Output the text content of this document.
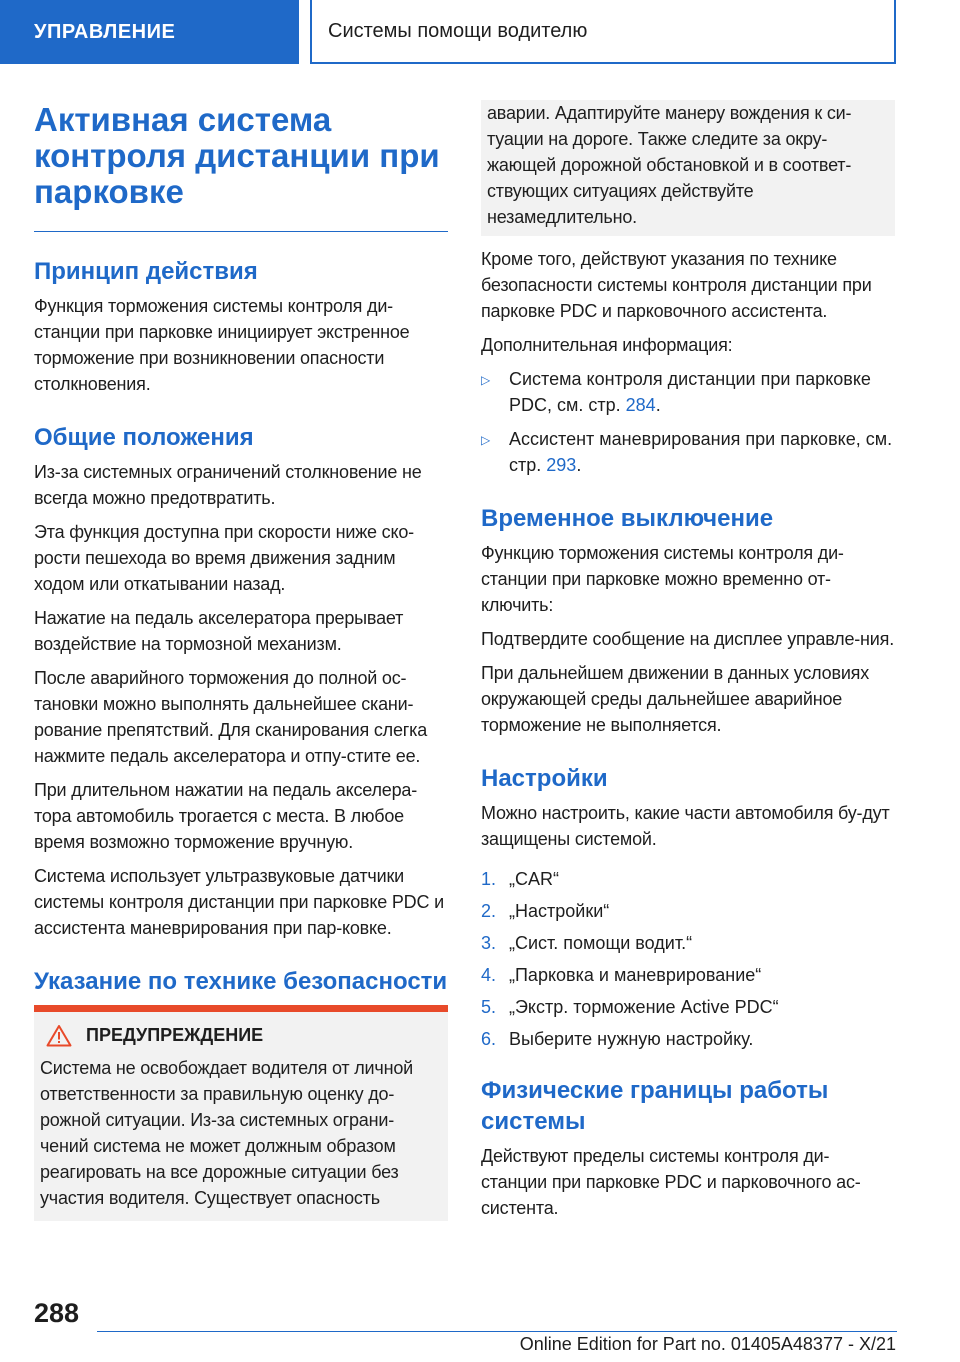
УПРАВЛЕНИЕ	Системы помощи водителю
Активная система контроля дистанции при парковке
Принцип действия

Функция торможения системы контроля ди-станции при парковке инициирует экстренное торможение при возникновении опасности столкновения.

Общие положения

Из-за системных ограничений столкновение не всегда можно предотвратить.

Эта функция доступна при скорости ниже ско-рости пешехода во время движения задним ходом или откатывании назад.

Нажатие на педаль акселератора прерывает воздействие на тормозной механизм.

После аварийного торможения до полной ос-тановки можно выполнять дальнейшее скани-рование препятствий. Для сканирования слегка нажмите педаль акселератора и отпу-стите ее.

При длительном нажатии на педаль акселера-тора автомобиль трогается с места. В любое время возможно торможение вручную.

Система использует ультразвуковые датчики системы контроля дистанции при парковке PDC и ассистента маневрирования при пар-ковке.

Указание по технике безопасности
ПРЕДУПРЕЖДЕНИЕ

Система не освобождает водителя от личной ответственности за правильную оценку до-рожной ситуации. Из-за системных ограни-чений система не может должным образом реагировать на все дорожные ситуации без участия водителя. Существует опасность

аварии. Адаптируйте манеру вождения к си-туации на дороге. Также следите за окру-жающей дорожной обстановкой и в соответ-ствующих ситуациях действуйте незамедлительно.

Кроме того, действуют указания по технике безопасности системы контроля дистанции при парковке PDC и парковочного ассистента.

Дополнительная информация:

▷	Система контроля дистанции при парковке PDC, см. стр. 284.
▷	Ассистент маневрирования при парковке, см. стр. 293.
Временное выключение

Функцию торможения системы контроля ди-станции при парковке можно временно от-ключить:

Подтвердите сообщение на дисплее управле-ния.

При дальнейшем движении в данных условиях окружающей среды дальнейшее аварийное торможение не выполняется.

Настройки

Можно настроить, какие части автомобиля бу-дут защищены системой.

1. „CAR“
2. „Настройки“
3. „Сист. помощи водит.“
4. „Парковка и маневрирование“
5. „Экстр. торможение Active PDC“
6. Выберите нужную настройку.
Физические границы работы системы

Действуют пределы системы контроля ди-станции при парковке PDC и парковочного ас-систента.

288
Online Edition for Part no. 01405A48377 - X/21
